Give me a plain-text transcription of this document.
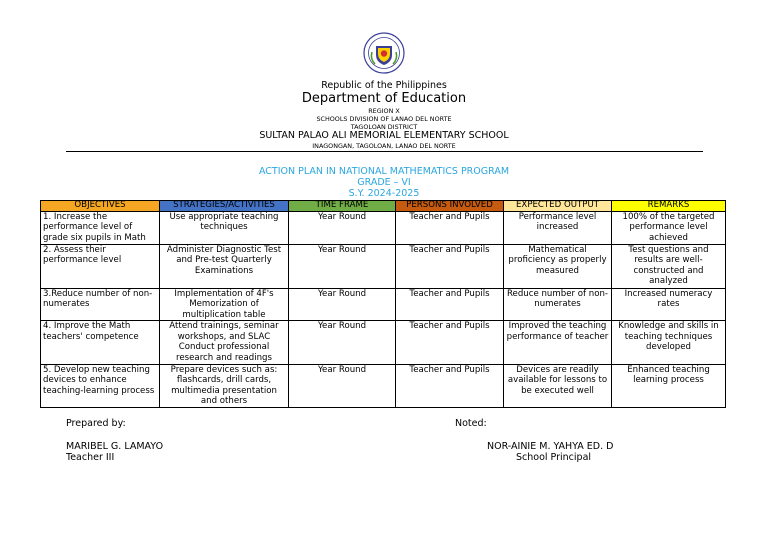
Republic of the Philippines
Department of Education
REGION X
SCHOOLS DIVISION OF LANAO DEL NORTE
TAGOLOAN DISTRICT
SULTAN PALAO ALI MEMORIAL ELEMENTARY SCHOOL
INAGONGAN, TAGOLOAN, LANAO DEL NORTE
ACTION PLAN IN NATIONAL MATHEMATICS PROGRAM
GRADE – VI
S.Y. 2024-2025
OBJECTIVES	STRATEGIES/ACTIVITIES	TIME FRAME	PERSONS INVOLVED	EXPECTED OUTPUT	REMARKS
1. Increase the performance level of grade six pupils in Math	Use appropriate teaching techniques	Year Round	Teacher and Pupils	Performance level increased	100% of the targeted performance level achieved
2. Assess their performance level	Administer Diagnostic Test and Pre-test Quarterly Examinations	Year Round	Teacher and Pupils	Mathematical proficiency as properly measured	Test questions and results are well-constructed and analyzed
3.Reduce number of non-numerates	Implementation of 4F's Memorization of multiplication table	Year Round	Teacher and Pupils	Reduce number of non-numerates	Increased numeracy rates
4. Improve the Math teachers' competence	Attend trainings, seminar workshops, and SLAC Conduct professional research and readings	Year Round	Teacher and Pupils	Improved the teaching performance of teacher	Knowledge and skills in teaching techniques developed
5. Develop new teaching devices to enhance teaching-learning process	Prepare devices such as: flashcards, drill cards, multimedia presentation and others	Year Round	Teacher and Pupils	Devices are readily available for lessons to be executed well	Enhanced teaching learning process
Prepared by:
MARIBEL G. LAMAYO
Teacher III
Noted:
NOR-AINIE M. YAHYA ED. D
School Principal
